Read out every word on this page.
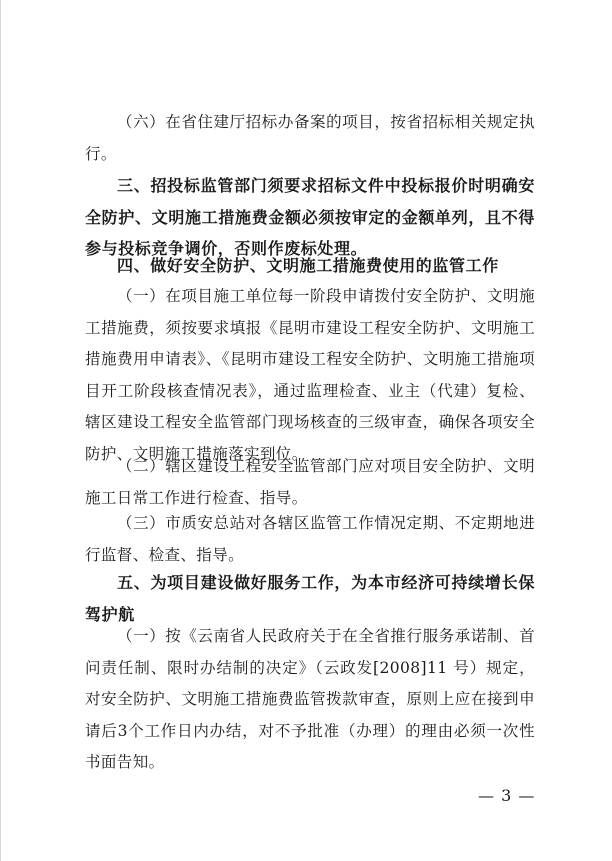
（六）在省住建厅招标办备案的项目，按省招标相关规定执行。

三、招投标监管部门须要求招标文件中投标报价时明确安全防护、文明施工措施费金额必须按审定的金额单列，且不得参与投标竞争调价，否则作废标处理。

四、做好安全防护、文明施工措施费使用的监管工作

（一）在项目施工单位每一阶段申请拨付安全防护、文明施工措施费，须按要求填报《昆明市建设工程安全防护、文明施工措施费用申请表》、《昆明市建设工程安全防护、文明施工措施项目开工阶段核查情况表》，通过监理检查、业主（代建）复检、辖区建设工程安全监管部门现场核查的三级审查，确保各项安全防护、文明施工措施落实到位。

（二）辖区建设工程安全监管部门应对项目安全防护、文明施工日常工作进行检查、指导。

（三）市质安总站对各辖区监管工作情况定期、不定期地进行监督、检查、指导。

五、为项目建设做好服务工作，为本市经济可持续增长保驾护航

（一）按《云南省人民政府关于在全省推行服务承诺制、首问责任制、限时办结制的决定》（云政发[2008]11 号）规定，对安全防护、文明施工措施费监管拨款审查，原则上应在接到申请后3个工作日内办结，对不予批准（办理）的理由必须一次性书面告知。

— 3 —
